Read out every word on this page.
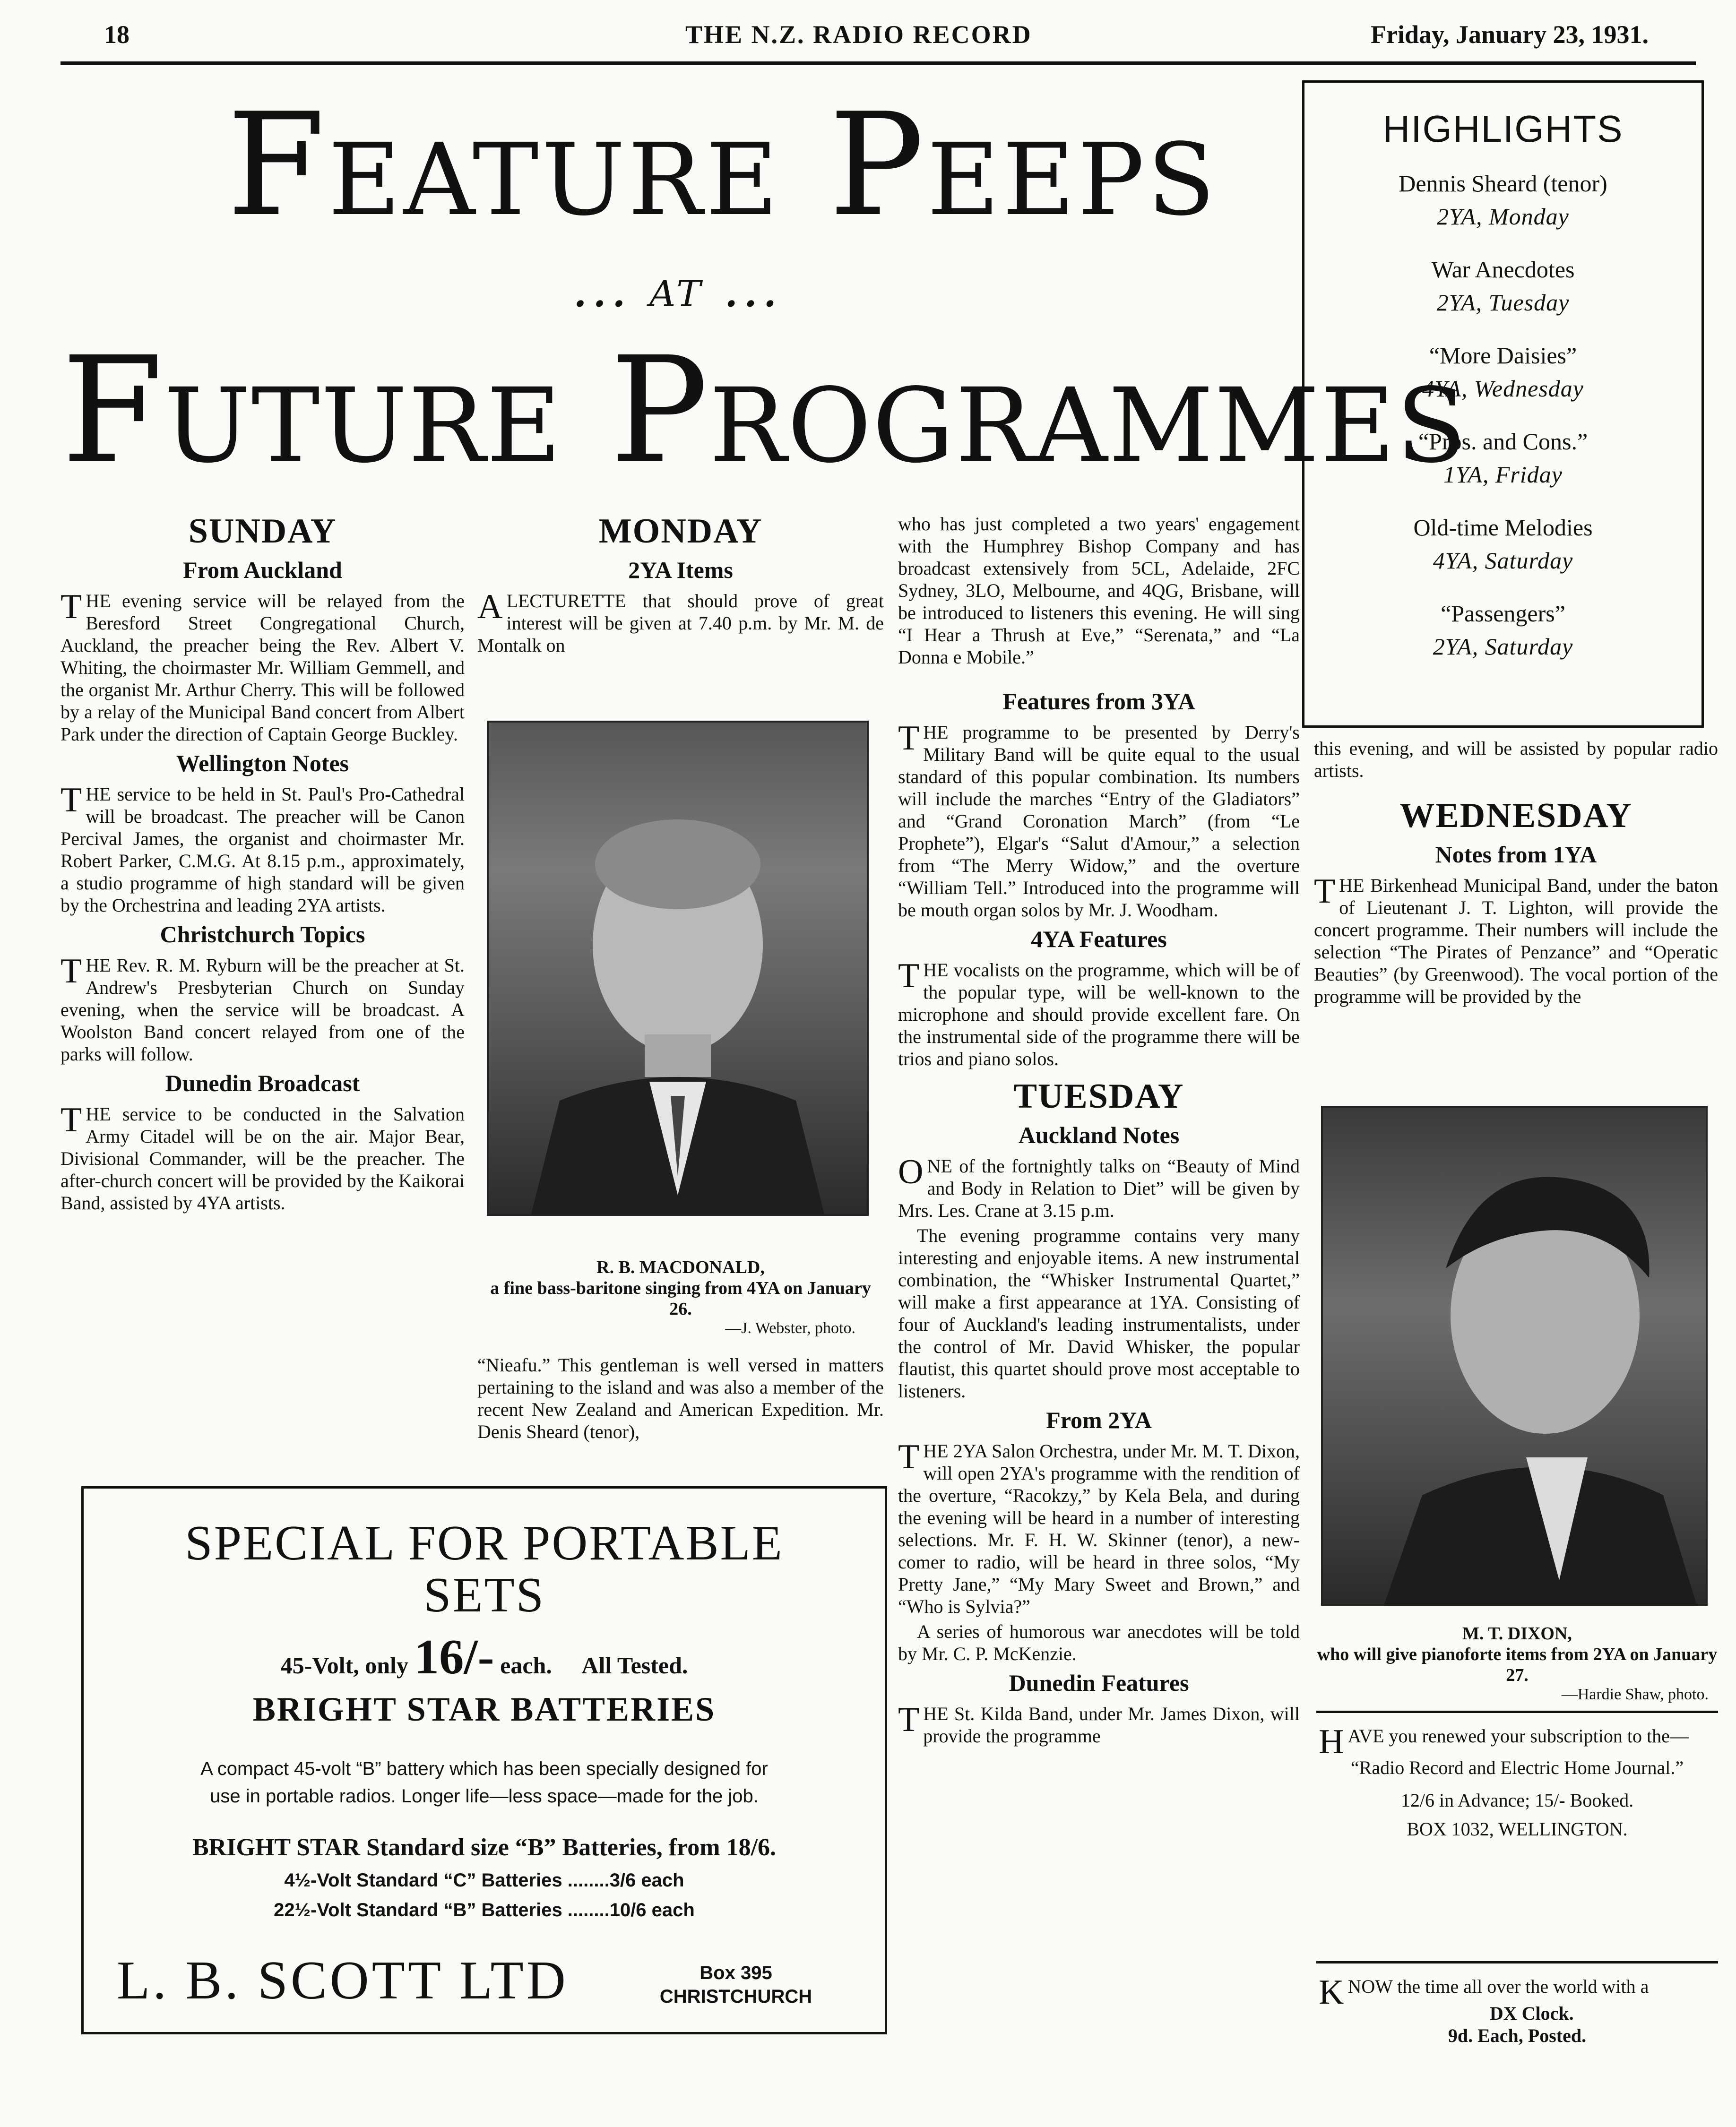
18	THE N.Z. RADIO RECORD	Friday, January 23, 1931.
Feature Peeps
... at ...
Future Programmes
HIGHLIGHTS
Dennis Sheard (tenor)
2YA, Monday
War Anecdotes
2YA, Tuesday
“More Daisies”
4YA, Wednesday
“Pros. and Cons.”
1YA, Friday
Old-time Melodies
4YA, Saturday
“Passengers”
2YA, Saturday
SUNDAY
From Auckland

THE evening service will be relayed from the Beresford Street Congregational Church, Auckland, the preacher being the Rev. Albert V. Whiting, the choirmaster Mr. William Gemmell, and the organist Mr. Arthur Cherry. This will be followed by a relay of the Municipal Band concert from Albert Park under the direction of Captain George Buckley.

Wellington Notes

THE service to be held in St. Paul's Pro-Cathedral will be broadcast. The preacher will be Canon Percival James, the organist and choirmaster Mr. Robert Parker, C.M.G. At 8.15 p.m., approximately, a studio programme of high standard will be given by the Orchestrina and leading 2YA artists.

Christchurch Topics

THE Rev. R. M. Ryburn will be the preacher at St. Andrew's Presbyterian Church on Sunday evening, when the service will be broadcast. A Woolston Band concert relayed from one of the parks will follow.

Dunedin Broadcast

THE service to be conducted in the Salvation Army Citadel will be on the air. Major Bear, Divisional Commander, will be the preacher. The after-church concert will be provided by the Kaikorai Band, assisted by 4YA artists.

MONDAY
2YA Items

ALECTURETTE that should prove of great interest will be given at 7.40 p.m. by Mr. M. de Montalk on

R. B. MACDONALD,
a fine bass-baritone singing from 4YA on January 26.
—J. Webster, photo.

“Nieafu.” This gentleman is well versed in matters pertaining to the island and was also a member of the recent New Zealand and American Expedition. Mr. Denis Sheard (tenor),

who has just completed a two years' engagement with the Humphrey Bishop Company and has broadcast extensively from 5CL, Adelaide, 2FC Sydney, 3LO, Melbourne, and 4QG, Brisbane, will be introduced to listeners this evening. He will sing “I Hear a Thrush at Eve,” “Serenata,” and “La Donna e Mobile.”

Features from 3YA

THE programme to be presented by Derry's Military Band will be quite equal to the usual standard of this popular combination. Its numbers will include the marches “Entry of the Gladiators” and “Grand Coronation March” (from “Le Prophete”), Elgar's “Salut d'Amour,” a selection from “The Merry Widow,” and the overture “William Tell.” Introduced into the programme will be mouth organ solos by Mr. J. Woodham.

4YA Features

THE vocalists on the programme, which will be of the popular type, will be well-known to the microphone and should provide excellent fare. On the instrumental side of the programme there will be trios and piano solos.

TUESDAY
Auckland Notes

ONE of the fortnightly talks on “Beauty of Mind and Body in Relation to Diet” will be given by Mrs. Les. Crane at 3.15 p.m.

The evening programme contains very many interesting and enjoyable items. A new instrumental combination, the “Whisker Instrumental Quartet,” will make a first appearance at 1YA. Consisting of four of Auckland's leading instrumentalists, under the control of Mr. David Whisker, the popular flautist, this quartet should prove most acceptable to listeners.

From 2YA

THE 2YA Salon Orchestra, under Mr. M. T. Dixon, will open 2YA's programme with the rendition of the overture, “Racokzy,” by Kela Bela, and during the evening will be heard in a number of interesting selections. Mr. F. H. W. Skinner (tenor), a new-comer to radio, will be heard in three solos, “My Pretty Jane,” “My Mary Sweet and Brown,” and “Who is Sylvia?”

A series of humorous war anecdotes will be told by Mr. C. P. McKenzie.

Dunedin Features

THE St. Kilda Band, under Mr. James Dixon, will provide the programme

this evening, and will be assisted by popular radio artists.

WEDNESDAY
Notes from 1YA

THE Birkenhead Municipal Band, under the baton of Lieutenant J. T. Lighton, will provide the concert programme. Their numbers will include the selection “The Pirates of Penzance” and “Operatic Beauties” (by Greenwood). The vocal portion of the programme will be provided by the

M. T. DIXON,
who will give pianoforte items from 2YA on January 27.
—Hardie Shaw, photo.

HAVE you renewed your subscription to the—

“Radio Record and Electric Home Journal.”
12/6 in Advance; 15/- Booked.
BOX 1032, WELLINGTON.

KNOW the time all over the world with a

DX Clock.
9d. Each, Posted.
SPECIAL FOR PORTABLE
SETS
45-Volt, only 16/- each. All Tested.
BRIGHT STAR BATTERIES
A compact 45-volt “B” battery which has been specially designed for use in portable radios. Longer life—less space—made for the job.
BRIGHT STAR Standard size “B” Batteries, from 18/6.
4½-Volt Standard “C” Batteries ........3/6 each
22½-Volt Standard “B” Batteries ........10/6 each
L. B. SCOTT LTD	Box 395
CHRISTCHURCH
